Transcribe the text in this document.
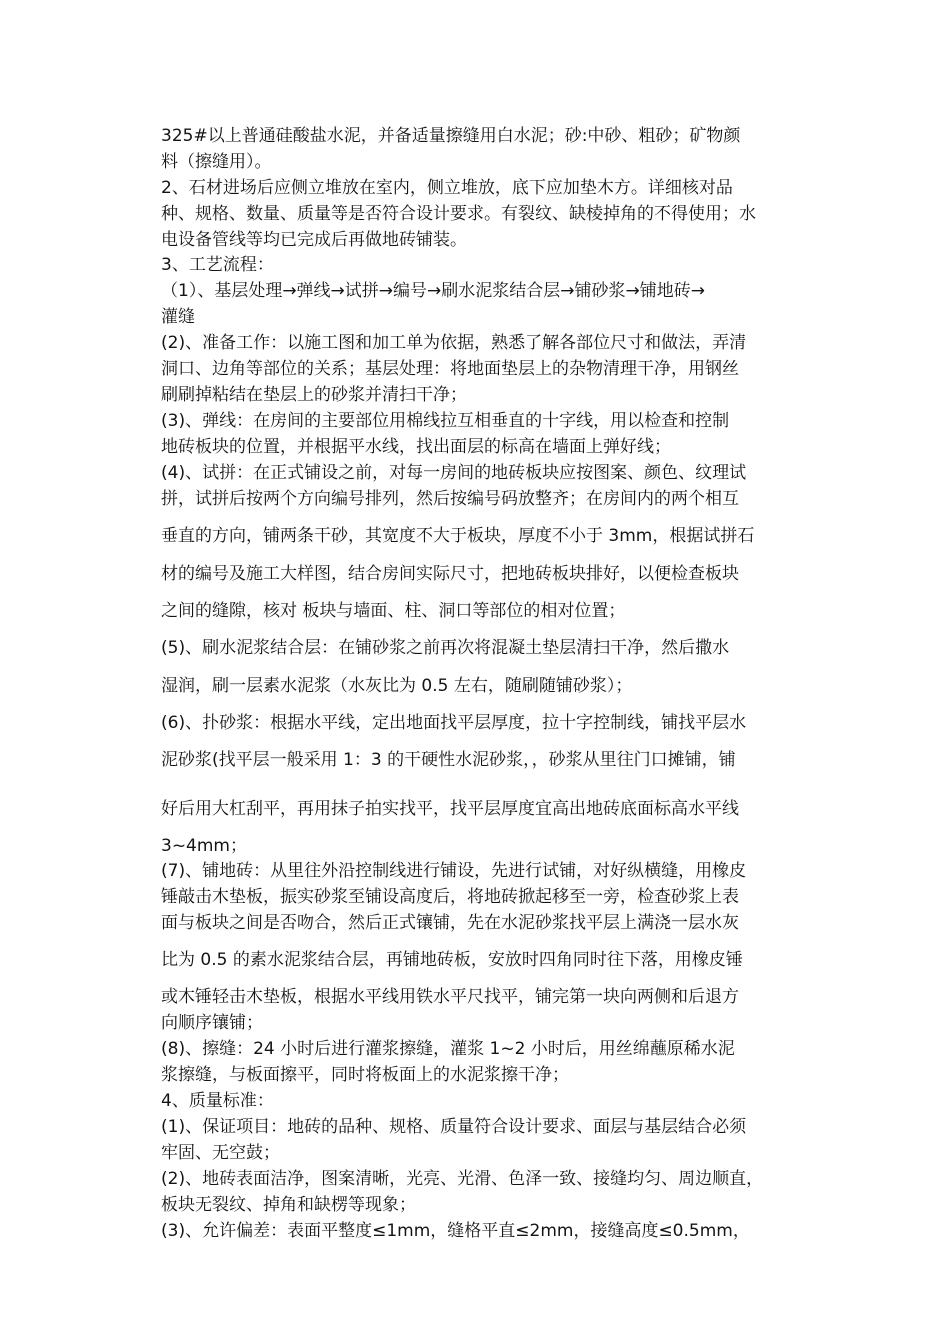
325#以上普通硅酸盐水泥，并备适量擦缝用白水泥；砂:中砂、粗砂；矿物颜
料（擦缝用）。
2、石材进场后应侧立堆放在室内，侧立堆放，底下应加垫木方。详细核对品
种、规格、数量、质量等是否符合设计要求。有裂纹、缺棱掉角的不得使用；水
电设备管线等均已完成后再做地砖铺装。
3、工艺流程：
（1）、基层处理→弹线→试拼→编号→刷水泥浆结合层→铺砂浆→铺地砖→
灌缝
(2)、准备工作：以施工图和加工单为依据，熟悉了解各部位尺寸和做法，弄清
洞口、边角等部位的关系；基层处理：将地面垫层上的杂物清理干净，用钢丝
刷刷掉粘结在垫层上的砂浆并清扫干净；
(3)、弹线：在房间的主要部位用棉线拉互相垂直的十字线，用以检查和控制
地砖板块的位置，并根据平水线，找出面层的标高在墙面上弹好线；
(4)、试拼：在正式铺设之前，对每一房间的地砖板块应按图案、颜色、纹理试
拼，试拼后按两个方向编号排列，然后按编号码放整齐；在房间内的两个相互
垂直的方向，铺两条干砂，其宽度不大于板块，厚度不小于 3mm，根据试拼石
材的编号及施工大样图，结合房间实际尺寸，把地砖板块排好，以便检查板块
之间的缝隙，核对 板块与墙面、柱、洞口等部位的相对位置；
(5)、刷水泥浆结合层：在铺砂浆之前再次将混凝土垫层清扫干净，然后撒水
湿润，刷一层素水泥浆（水灰比为 0.5 左右，随刷随铺砂浆）；
(6)、扑砂浆：根据水平线，定出地面找平层厚度，拉十字控制线，铺找平层水
泥砂浆(找平层一般采用 1：3 的干硬性水泥砂浆，，砂浆从里往门口摊铺，铺
好后用大杠刮平，再用抹子拍实找平，找平层厚度宜高出地砖底面标高水平线
3~4mm；
(7)、铺地砖：从里往外沿控制线进行铺设，先进行试铺，对好纵横缝，用橡皮
锤敲击木垫板，振实砂浆至铺设高度后，将地砖掀起移至一旁，检查砂浆上表
面与板块之间是否吻合，然后正式镶铺，先在水泥砂浆找平层上满浇一层水灰
比为 0.5 的素水泥浆结合层，再铺地砖板，安放时四角同时往下落，用橡皮锤
或木锤轻击木垫板，根据水平线用铁水平尺找平，铺完第一块向两侧和后退方
向顺序镶铺；
(8)、擦缝：24 小时后进行灌浆擦缝，灌浆 1~2 小时后，用丝绵蘸原稀水泥
浆擦缝，与板面擦平，同时将板面上的水泥浆擦干净；
4、质量标准：
(1)、保证项目：地砖的品种、规格、质量符合设计要求、面层与基层结合必须
牢固、无空鼓；
(2)、地砖表面洁净，图案清晰，光亮、光滑、色泽一致、接缝均匀、周边顺直，
板块无裂纹、掉角和缺楞等现象；
(3)、允许偏差：表面平整度≤1mm，缝格平直≤2mm，接缝高度≤0.5mm，
